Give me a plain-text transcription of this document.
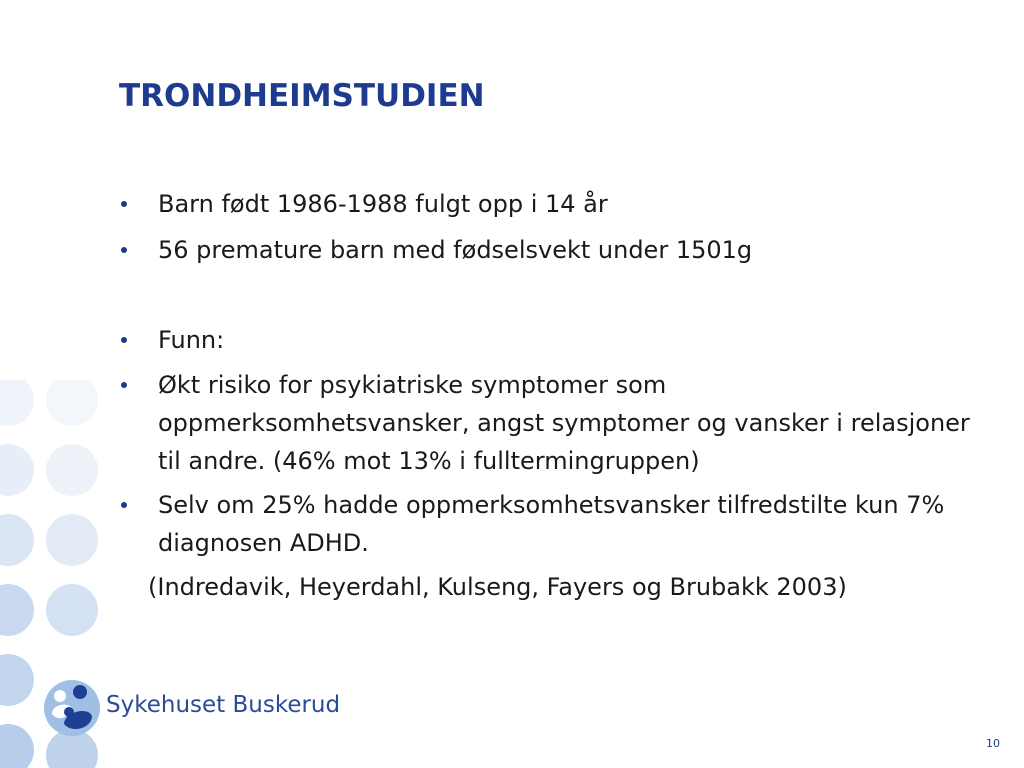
TRONDHEIMSTUDIEN
Barn født 1986-1988 fulgt opp i 14 år
56 premature barn med fødselsvekt under 1501g
Funn:
Økt risiko for psykiatriske symptomer som oppmerksomhetsvansker, angst symptomer og vansker i relasjoner til andre. (46% mot 13% i fulltermingruppen)
Selv om 25% hadde oppmerksomhetsvansker tilfredstilte kun 7% diagnosen ADHD.
(Indredavik, Heyerdahl, Kulseng, Fayers og Brubakk 2003)
Sykehuset Buskerud
10
